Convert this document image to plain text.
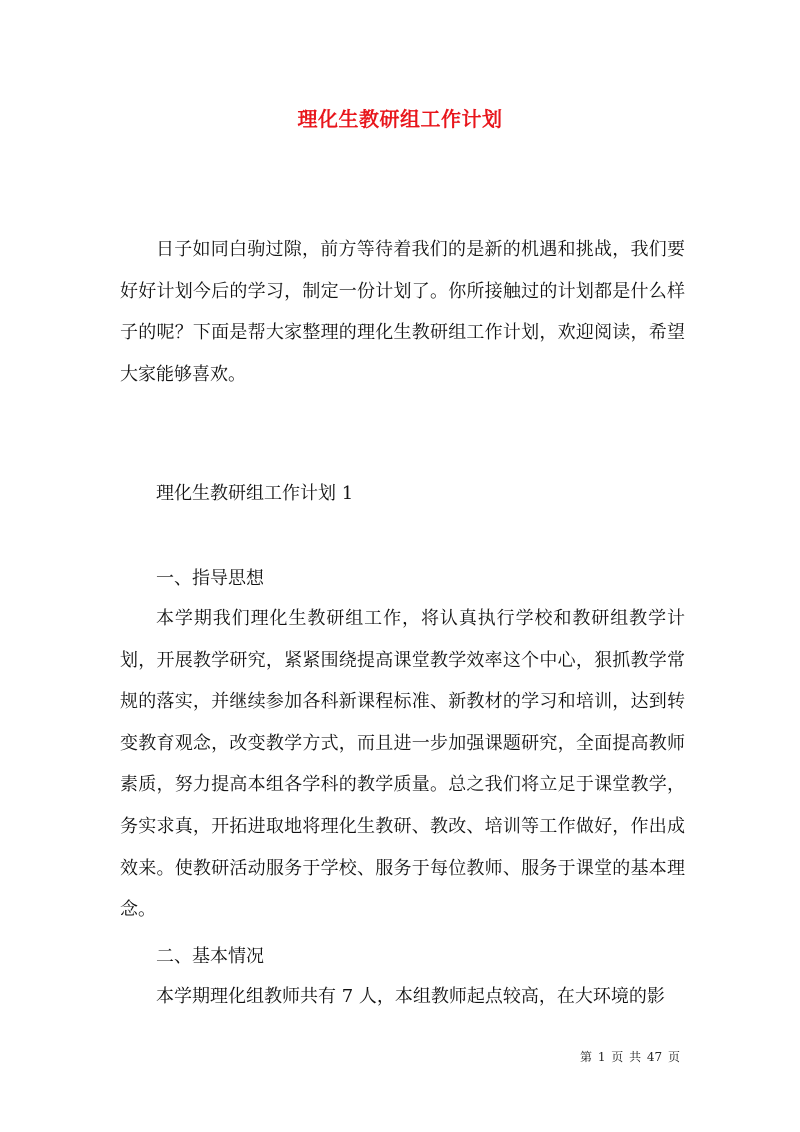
理化生教研组工作计划

日子如同白驹过隙，前方等待着我们的是新的机遇和挑战，我们要好好计划今后的学习，制定一份计划了。你所接触过的计划都是什么样子的呢？下面是帮大家整理的理化生教研组工作计划，欢迎阅读，希望大家能够喜欢。

理化生教研组工作计划 1

一、指导思想

本学期我们理化生教研组工作，将认真执行学校和教研组教学计划，开展教学研究，紧紧围绕提高课堂教学效率这个中心，狠抓教学常规的落实，并继续参加各科新课程标准、新教材的学习和培训，达到转变教育观念，改变教学方式，而且进一步加强课题研究，全面提高教师素质，努力提高本组各学科的教学质量。总之我们将立足于课堂教学，务实求真，开拓进取地将理化生教研、教改、培训等工作做好，作出成效来。使教研活动服务于学校、服务于每位教师、服务于课堂的基本理念。

二、基本情况

本学期理化组教师共有 7 人，本组教师起点较高，在大环境的影

第 1 页 共 47 页
